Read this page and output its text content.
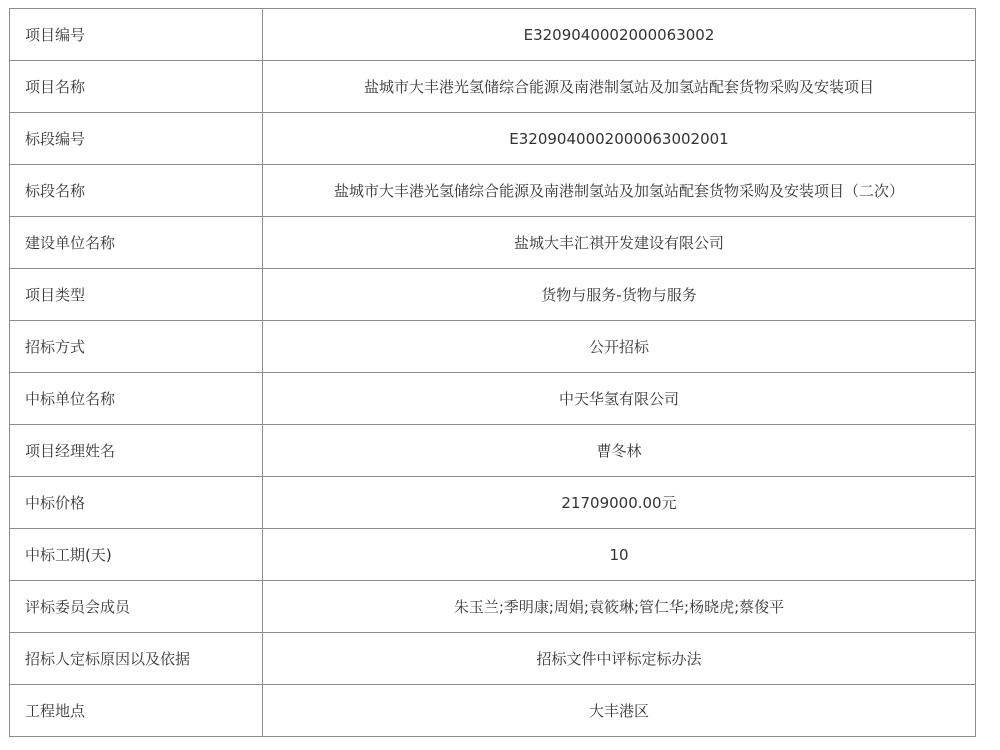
项目编号	E3209040002000063002
项目名称	盐城市大丰港光氢储综合能源及南港制氢站及加氢站配套货物采购及安装项目
标段编号	E3209040002000063002001
标段名称	盐城市大丰港光氢储综合能源及南港制氢站及加氢站配套货物采购及安装项目（二次）
建设单位名称	盐城大丰汇祺开发建设有限公司
项目类型	货物与服务-货物与服务
招标方式	公开招标
中标单位名称	中天华氢有限公司
项目经理姓名	曹冬林
中标价格	21709000.00元
中标工期(天)	10
评标委员会成员	朱玉兰;季明康;周娟;袁筱琳;管仁华;杨晓虎;蔡俊平
招标人定标原因以及依据	招标文件中评标定标办法
工程地点	大丰港区
